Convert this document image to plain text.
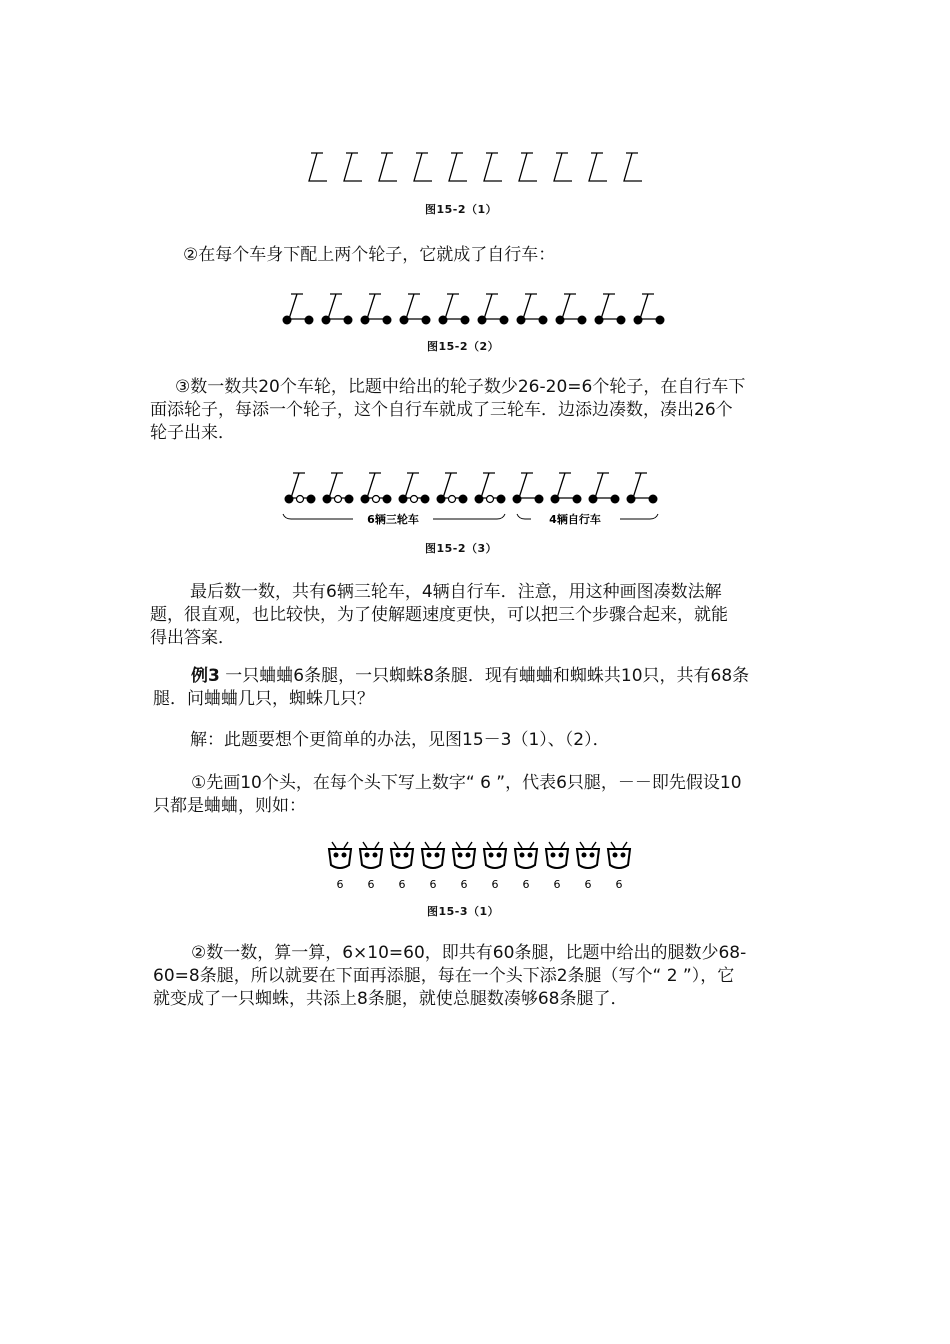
图15-2（1）
②在每个车身下配上两个轮子，它就成了自行车：
图15-2（2）
③数一数共20个车轮，比题中给出的轮子数少26-20=6个轮子，在自行车下
面添轮子，每添一个轮子，这个自行车就成了三轮车．边添边凑数，凑出26个
轮子出来．
6辆三轮车	4辆自行车
图15-2（3）
最后数一数，共有6辆三轮车，4辆自行车．注意，用这种画图凑数法解
题，很直观，也比较快，为了使解题速度更快，可以把三个步骤合起来，就能
得出答案．
例3 一只蛐蛐6条腿，一只蜘蛛8条腿．现有蛐蛐和蜘蛛共10只，共有68条
腿．问蛐蛐几只，蜘蛛几只？
解：此题要想个更简单的办法，见图15－3（1）、（2）．
①先画10个头，在每个头下写上数字“ 6 ”，代表6只腿，－－即先假设10
只都是蛐蛐，则如：
6 6 6 6 6 6 6 6 6 6
图15-3（1）
②数一数，算一算，6×10=60，即共有60条腿，比题中给出的腿数少68-
60=8条腿，所以就要在下面再添腿，每在一个头下添2条腿（写个“ 2 ”），它
就变成了一只蜘蛛，共添上8条腿，就使总腿数凑够68条腿了．
